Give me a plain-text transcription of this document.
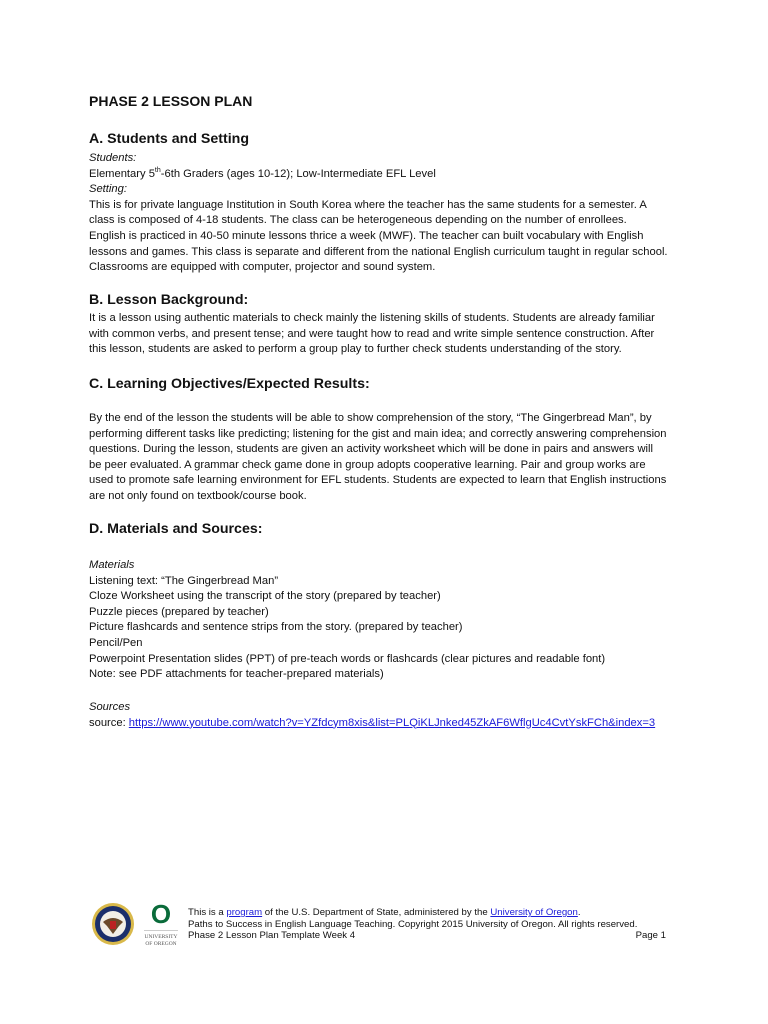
PHASE 2 LESSON PLAN
A. Students and Setting
Students:
Elementary 5th-6th Graders (ages 10-12); Low-Intermediate EFL Level
Setting:
This is for private language Institution in South Korea where the teacher has the same students for a semester. A
class is composed of 4-18 students. The class can be heterogeneous depending on the number of enrollees.
English is practiced in 40-50 minute lessons thrice a week (MWF). The teacher can built vocabulary with English
lessons and games. This class is separate and different from the national English curriculum taught in regular school.
Classrooms are equipped with computer, projector and sound system.
B. Lesson Background:
It is a lesson using authentic materials to check mainly the listening skills of students. Students are already familiar
with common verbs, and present tense; and were taught how to read and write simple sentence construction. After
this lesson, students are asked to perform a group play to further check students understanding of the story.
C. Learning Objectives/Expected Results:
By the end of the lesson the students will be able to show comprehension of the story, “The Gingerbread Man”, by
performing different tasks like predicting; listening for the gist and main idea; and correctly answering comprehension
questions. During the lesson, students are given an activity worksheet which will be done in pairs and answers will
be peer evaluated. A grammar check game done in group adopts cooperative learning. Pair and group works are
used to promote safe learning environment for EFL students. Students are expected to learn that English instructions
are not only found on textbook/course book.
D. Materials and Sources:
Materials
Listening text: “The Gingerbread Man”
Cloze Worksheet using the transcript of the story (prepared by teacher)
Puzzle pieces (prepared by teacher)
Picture flashcards and sentence strips from the story. (prepared by teacher)
Pencil/Pen
Powerpoint Presentation slides (PPT) of pre-teach words or flashcards (clear pictures and readable font)
Note: see PDF attachments for teacher-prepared materials)
Sources
source: https://www.youtube.com/watch?v=YZfdcym8xis&list=PLQiKLJnked45ZkAF6WflgUc4CvtYskFCh&index=3
O
UNIVERSITY
OF OREGON
This is a program of the U.S. Department of State, administered by the University of Oregon.
Paths to Success in English Language Teaching. Copyright 2015 University of Oregon. All rights reserved.
Phase 2 Lesson Plan Template Week 4	Page 1
